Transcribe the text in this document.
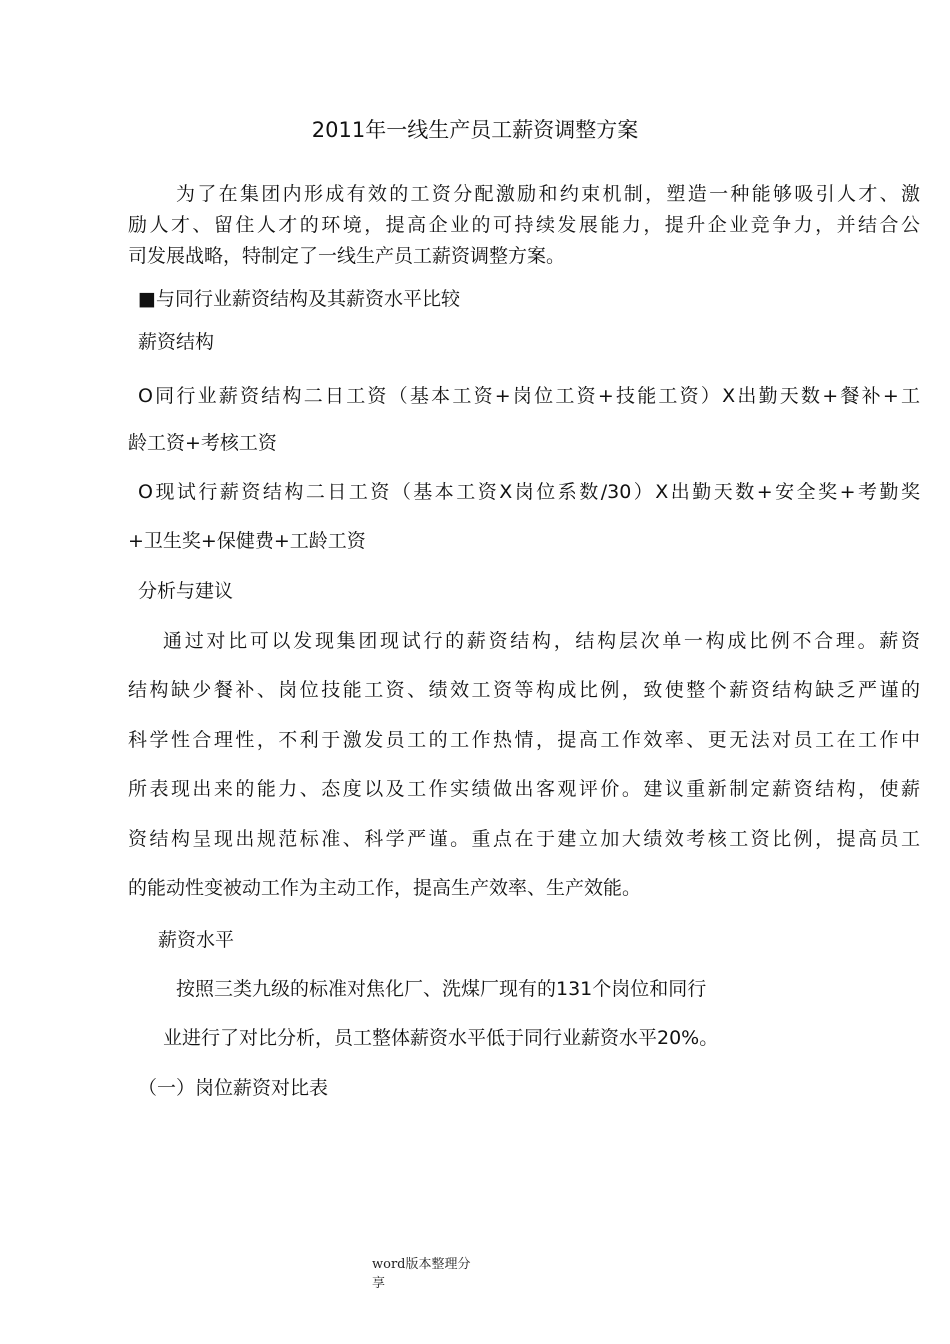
2011年一线生产员工薪资调整方案
为了在集团内形成有效的工资分配激励和约束机制，塑造一种能够吸引人才、激
励人才、留住人才的环境，提高企业的可持续发展能力，提升企业竞争力，并结合公
司发展战略，特制定了一线生产员工薪资调整方案。
■与同行业薪资结构及其薪资水平比较
薪资结构
O同行业薪资结构二日工资（基本工资+岗位工资+技能工资）X出勤天数+餐补+工
龄工资+考核工资
O现试行薪资结构二日工资（基本工资X岗位系数/30）X出勤天数+安全奖+考勤奖
+卫生奖+保健费+工龄工资
分析与建议
通过对比可以发现集团现试行的薪资结构，结构层次单一构成比例不合理。薪资
结构缺少餐补、岗位技能工资、绩效工资等构成比例，致使整个薪资结构缺乏严谨的
科学性合理性，不利于激发员工的工作热情，提高工作效率、更无法对员工在工作中
所表现出来的能力、态度以及工作实绩做出客观评价。建议重新制定薪资结构，使薪
资结构呈现出规范标准、科学严谨。重点在于建立加大绩效考核工资比例，提高员工
的能动性变被动工作为主动工作，提高生产效率、生产效能。
薪资水平
按照三类九级的标准对焦化厂、洗煤厂现有的131个岗位和同行
业进行了对比分析，员工整体薪资水平低于同行业薪资水平20%。
（一）岗位薪资对比表
word版本整理分享
